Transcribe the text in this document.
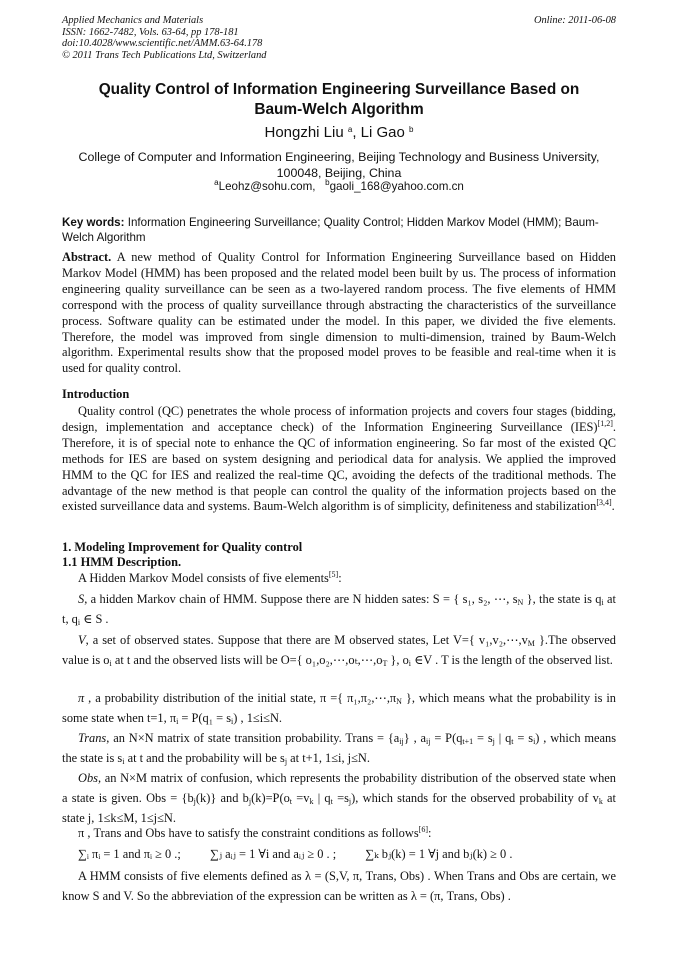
Applied Mechanics and Materials
ISSN: 1662-7482, Vols. 63-64, pp 178-181
doi:10.4028/www.scientific.net/AMM.63-64.178
© 2011 Trans Tech Publications Ltd, Switzerland
Online: 2011-06-08
Quality Control of Information Engineering Surveillance Based on
Baum-Welch Algorithm
Hongzhi Liu $^a$, Li Gao $^b$
College of Computer and Information Engineering, Beijing Technology and Business University,
100048, Beijing, China
$^a$Leohz@sohu.com, $^b$gaoli_168@yahoo.com.cn
Key words: Information Engineering Surveillance; Quality Control; Hidden Markov Model (HMM); Baum-Welch Algorithm
Abstract. A new method of Quality Control for Information Engineering Surveillance based on Hidden Markov Model (HMM) has been proposed and the related model been built by us. The process of information engineering quality surveillance can be seen as a two-layered random process. The five elements of HMM correspond with the process of quality surveillance through abstracting the characteristics of the surveillance process. Software quality can be estimated under the model. In this paper, we divided the five elements. Therefore, the model was improved from single dimension to multi-dimension, trained by Baum-Welch algorithm. Experimental results show that the proposed model proves to be feasible and real-time when it is used for quality control.
Introduction
Quality control (QC) penetrates the whole process of information projects and covers four stages (bidding, design, implementation and acceptance check) of the Information Engineering Surveillance (IES)[1,2]. Therefore, it is of special note to enhance the QC of information engineering. So far most of the existed QC methods for IES are based on system designing and periodical data for analysis. We applied the improved HMM to the QC for IES and realized the real-time QC, avoiding the defects of the traditional methods. The advantage of the new method is that people can control the quality of the information projects based on the existed surveillance data and systems. Baum-Welch algorithm is of simplicity, definiteness and stabilization[3,4].
1. Modeling Improvement for Quality control
1.1 HMM Description.
A Hidden Markov Model consists of five elements[5]:
S, a hidden Markov chain of HMM. Suppose there are N hidden sates: S = { s₁, s₂, ⋯, $s_N$ }, the state is $q_i$ at t, $q_i$ ∈ S .
V, a set of observed states. Suppose that there are M observed states, Let V={ $v_1,v_2,\cdots,v_M$ }.The observed value is $o_i$ at t and the observed lists will be O={ $o_1,o_2,\cdots,o_t,\cdots,o_T$ }, $o_i$ ∈V . T is the length of the observed list.
π , a probability distribution of the initial state, π ={ $\pi_1,\pi_2,\cdots,\pi_N$ }, which means what the probability is in some state when t=1, $\pi_i = P(q_1 = s_i)$ , 1≤i≤N.
Trans, an N×N matrix of state transition probability. Trans = $\{a_{ij}\}$ , $a_{ij} = P(q_{t+1} = s_j$ | $q_t = s_i$) , which means the state is $s_i$ at t and the probability will be $s_j$ at t+1, 1≤i, j≤N.
Obs, an N×M matrix of confusion, which represents the probability distribution of the observed state when a state is given. Obs = $\{b_j(k)\}$ and $b_j(k)=P(o_t =v_k$ | $q_t =s_j$), which stands for the observed probability of $v_k$ at state j, 1≤k≤M, 1≤j≤N.
π , Trans and Obs have to satisfy the constraint conditions as follows[6]:
∑ᵢ πᵢ = 1 and πᵢ ≥ 0 .; ∑ⱼ aᵢⱼ = 1 ∀i and aᵢⱼ ≥ 0 . ; ∑ₖ bⱼ(k) = 1 ∀j and bⱼ(k) ≥ 0 .
A HMM consists of five elements defined as λ = (S,V, π, Trans, Obs) . When Trans and Obs are certain, we know S and V. So the abbreviation of the expression can be written as λ = (π, Trans, Obs) .
